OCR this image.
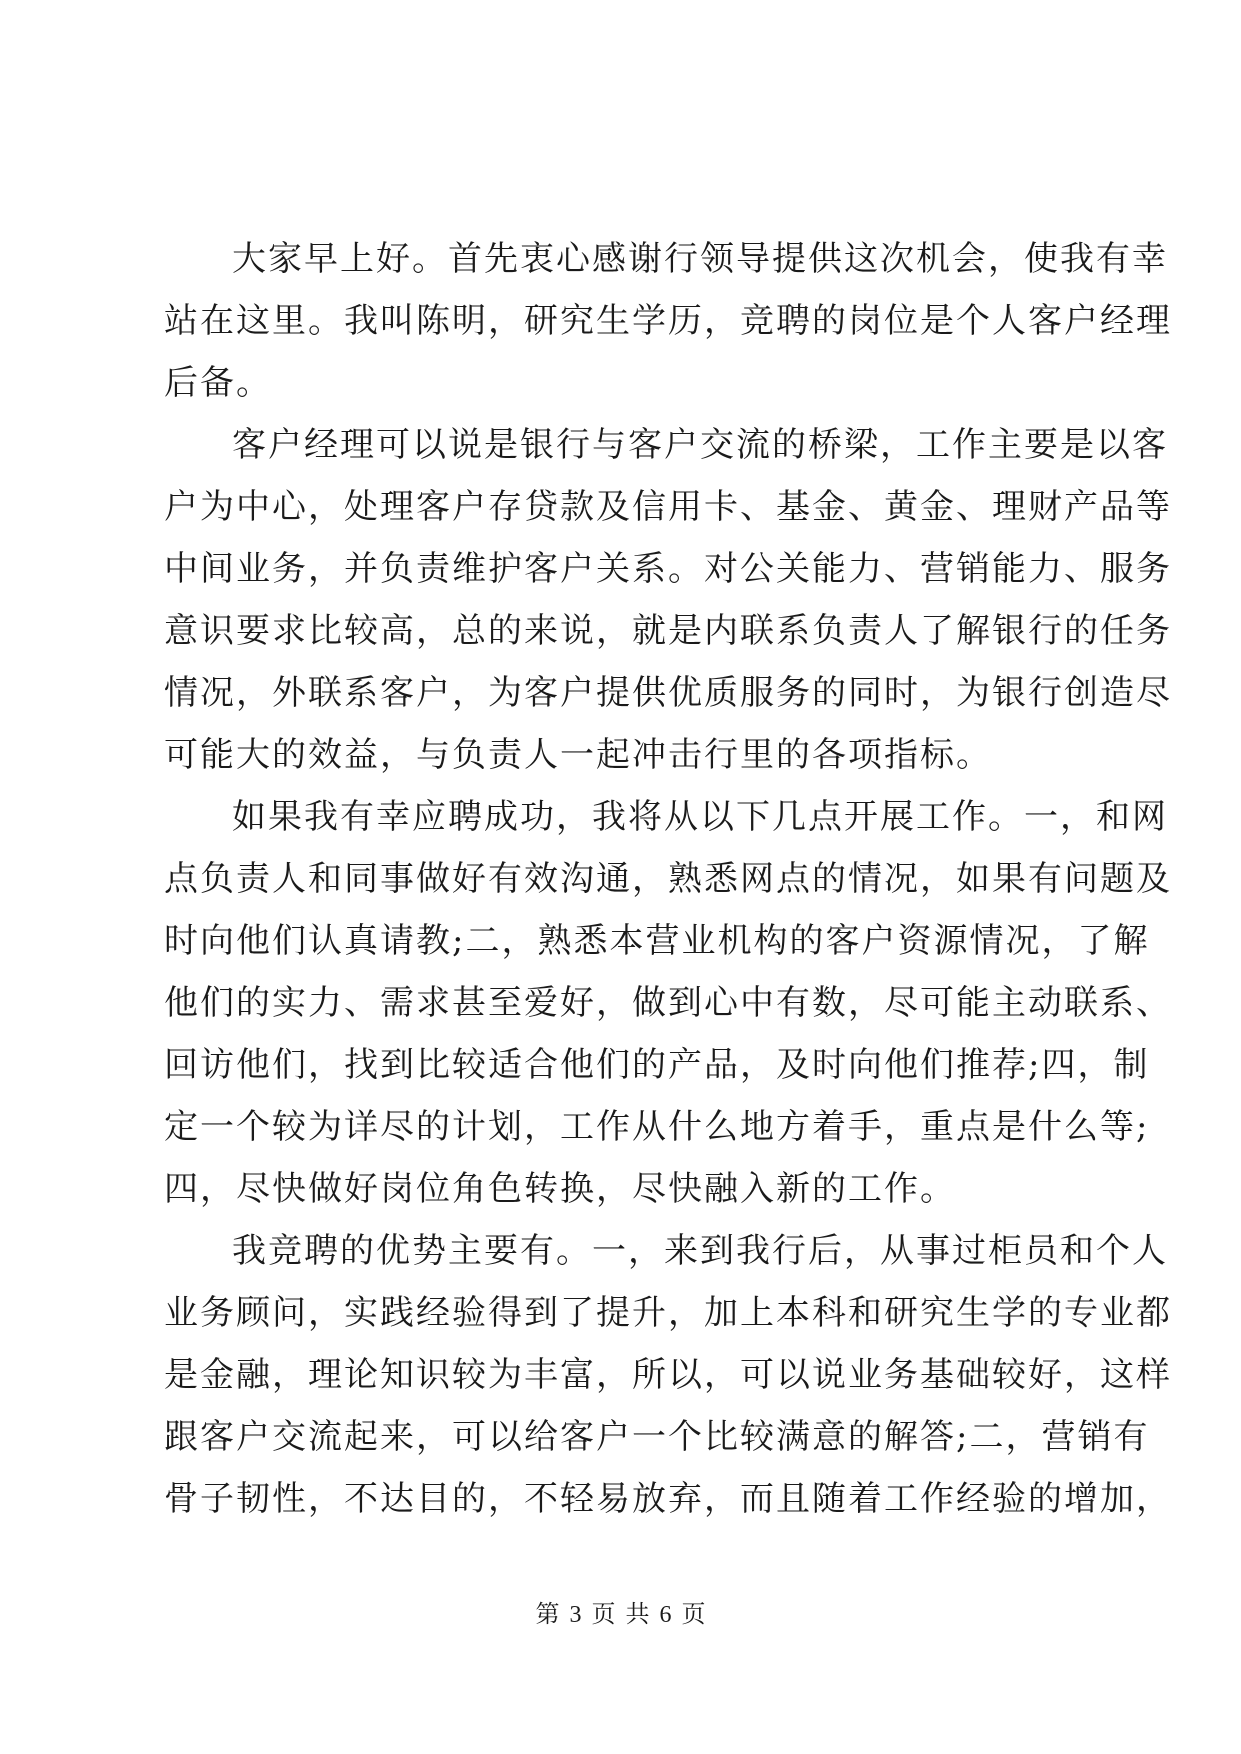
大家早上好。首先衷心感谢行领导提供这次机会，使我有幸
站在这里。我叫陈明，研究生学历，竞聘的岗位是个人客户经理
后备。
客户经理可以说是银行与客户交流的桥梁，工作主要是以客
户为中心，处理客户存贷款及信用卡、基金、黄金、理财产品等
中间业务，并负责维护客户关系。对公关能力、营销能力、服务
意识要求比较高，总的来说，就是内联系负责人了解银行的任务
情况，外联系客户，为客户提供优质服务的同时，为银行创造尽
可能大的效益，与负责人一起冲击行里的各项指标。
如果我有幸应聘成功，我将从以下几点开展工作。一，和网
点负责人和同事做好有效沟通，熟悉网点的情况，如果有问题及
时向他们认真请教;二，熟悉本营业机构的客户资源情况，了解
他们的实力、需求甚至爱好，做到心中有数，尽可能主动联系、
回访他们，找到比较适合他们的产品，及时向他们推荐;四，制
定一个较为详尽的计划，工作从什么地方着手，重点是什么等;
四，尽快做好岗位角色转换，尽快融入新的工作。
我竞聘的优势主要有。一，来到我行后，从事过柜员和个人
业务顾问，实践经验得到了提升，加上本科和研究生学的专业都
是金融，理论知识较为丰富，所以，可以说业务基础较好，这样
跟客户交流起来，可以给客户一个比较满意的解答;二，营销有
骨子韧性，不达目的，不轻易放弃，而且随着工作经验的增加，
第 3 页 共 6 页
